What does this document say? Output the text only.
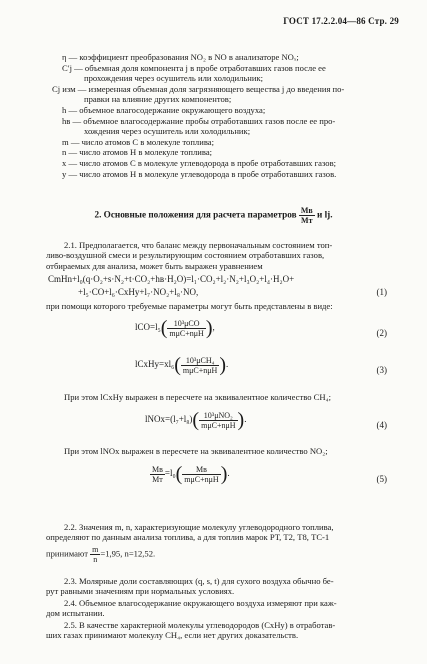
ГОСТ 17.2.2.04—86 Стр. 29
η — коэффициент преобразования NO₂ в NO в анализаторе NOₓ;
C′j — объемная доля компонента j в пробе отработавших газов после ее
прохождения через осушитель или холодильник;
Cj изм — измеренная объемная доля загрязняющего вещества j до введения по-
правки на влияние других компонентов;
h — объемное влагосодержание окружающего воздуха;
hв — объемное влагосодержание пробы отработавших газов после ее про-
хождения через осушитель или холодильник;
m — число атомов C в молекуле топлива;
n — число атомов H в молекуле топлива;
x — число атомов C в молекуле углеводорода в пробе отработавших газов;
y — число атомов H в молекуле углеводорода в пробе отработавших газов.
2. Основные положения для расчета параметров $\frac{Mв}{Mт}$ и lj.

2.1. Предполагается, что баланс между первоначальным состоянием топ-

ливо-воздушной смеси и результирующим состоянием отработавших газов,

отбираемых для анализа, может быть выражен уравнением

CmHn+l₀(q·O₂+s·N₂+t·CO₂+hв·H₂O)=l₁·CO₂+l₂·N₂+l₃O₂+l₄·H₂O+
+l₅·CO+l₆·CxHy+l₇·NO₂+l₈·NO,	(1)

при помощи которого требуемые параметры могут быть представлены в виде:

$lCO=l_5( \frac{\text{10³μCO}}{\text{mμC+nμH}}$ ),
(2)
lCxHy=xl₆( $\frac{\text{10³μCH₄}}{\text{mμC+nμH}}$ ).
(3)

При этом lCxHy выражен в пересчете на эквивалентное количество CH₄;

lNOx=(l₇+l₈)( $\frac{\text{10³μNO₂}}{\text{mμC+nμH}}$ ).
(4)

При этом lNOx выражен в пересчете на эквивалентное количество NO₂;

$\frac{Mв}{Mт} =l_0( \frac{Mв}{\text{mμC+nμH}}$ ).
(5)

2.2. Значения m, n, характеризующие молекулу углеводородного топлива,

определяют по данным анализа топлива, а для топлив марок РТ, Т2, Т8, ТС-1

принимают $\frac{m}{n} =1,95$, n=12,52.

2.3. Молярные доли составляющих (q, s, t) для сухого воздуха обычно бе-

рут равными значениям при нормальных условиях.

2.4. Объемное влагосодержание окружающего воздуха измеряют при каж-

дом испытании.

2.5. В качестве характерной молекулы углеводородов (CxHy) в отработав-

ших газах принимают молекулу CH₄, если нет других доказательств.
